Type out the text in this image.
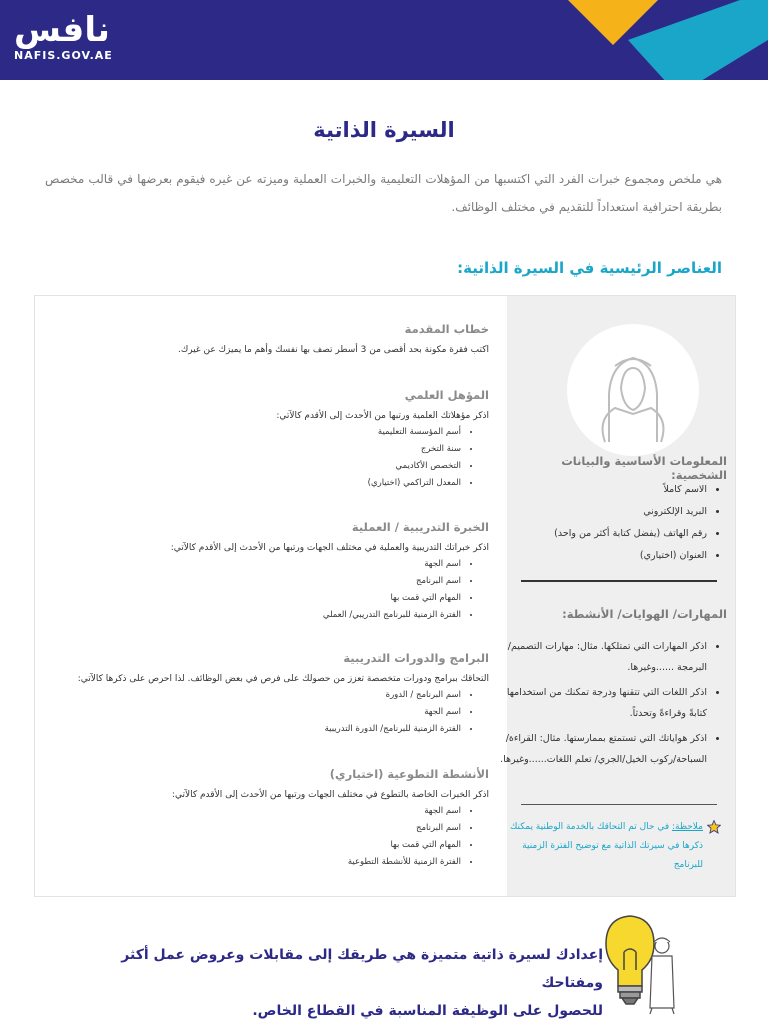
نافس
NAFIS.GOV.AE
السيرة الذاتية
هي ملخص ومجموع خبرات الفرد التي اكتسبها من المؤهلات التعليمية والخبرات العملية وميزته عن غيره فيقوم بعرضها في قالب مخصص بطريقة احترافية استعداداً للتقديم في مختلف الوظائف.
العناصر الرئيسية في السيرة الذاتية:
المعلومات الأساسية والبيانات الشخصية:
• الاسم كاملاً
• البريد الإلكتروني
• رقم الهاتف (يفضل كتابة أكثر من واحد)
• العنوان (اختياري)
المهارات/ الهوايات/ الأنشطة:
• اذكر المهارات التي تمتلكها. مثال: مهارات التصميم/البرمجة ......وغيرها.
• اذكر اللغات التي تتقنها ودرجة تمكنك من استخدامها كتابةً وقراءةً وتحدثاً.
• اذكر هواياتك التي تستمتع بممارستها. مثال: القراءة/ السباحة/ركوب الخيل/الجري/ تعلم اللغات......وغيرها.
ملاحظة: في حال تم التحاقك بالخدمة الوطنية يمكنك ذكرها في سيرتك الذاتية مع توضيح الفترة الزمنية للبرنامج
خطاب المقدمة

اكتب فقرة مكونة بحد أقصى من 3 أسطر تصف بها نفسك وأهم ما يميزك عن غيرك.

المؤهل العلمي

اذكر مؤهلاتك العلمية ورتبها من الأحدث إلى الأقدم كالآتي:

• أسم المؤسسة التعليمية
• سنة التخرج
• التخصص الأكاديمي
• المعدل التراكمي (اختياري)
الخبرة التدريبية / العملية

اذكر خبراتك التدريبية والعملية في مختلف الجهات ورتبها من الأحدث إلى الأقدم كالآتي:

• اسم الجهة
• اسم البرنامج
• المهام التي قمت بها
• الفترة الزمنية للبرنامج التدريبي/ العملي
البرامج والدورات التدريبية

التحاقك ببرامج ودورات متخصصة تعزز من حصولك على فرص في بعض الوظائف. لذا احرص على ذكرها كالآتي:

• اسم البرنامج / الدورة
• اسم الجهة
• الفترة الزمنية للبرنامج/ الدورة التدريبية
الأنشطة التطوعية (اختياري)

اذكر الخبرات الخاصة بالتطوع في مختلف الجهات ورتبها من الأحدث إلى الأقدم كالآتي:

• اسم الجهة
• اسم البرنامج
• المهام التي قمت بها
• الفترة الزمنية للأنشطة التطوعية
إعدادك لسيرة ذاتية متميزة هي طريقك إلى مقابلات وعروض عمل أكثر ومفتاحك
للحصول على الوظيفة المناسبة في القطاع الخاص.
